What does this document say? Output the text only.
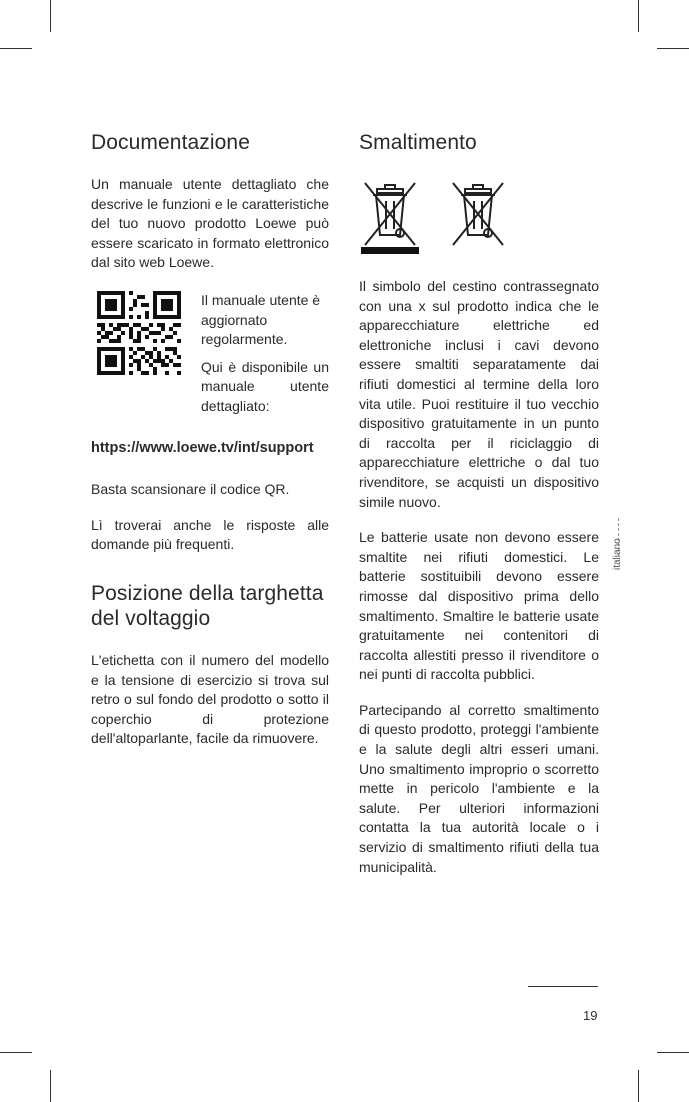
Documentazione

Un manuale utente dettagliato che descrive le funzioni e le caratteristiche del tuo nuovo prodotto Loewe può essere scaricato in formato elettronico dal sito web Loewe.

Il manuale utente è aggiornato regolarmente.

Qui è disponibile un manuale utente dettagliato:

https://www.loewe.tv/int/support

Basta scansionare il codice QR.

Lì troverai anche le risposte alle domande più frequenti.

Posizione della targhetta del voltaggio

L'etichetta con il numero del modello e la tensione di esercizio si trova sul retro o sul fondo del prodotto o sotto il coperchio di protezione dell'altoparlante, facile da rimuovere.

Smaltimento

Il simbolo del cestino contrassegnato con una x sul prodotto indica che le apparecchiature elettriche ed elettroniche inclusi i cavi devono essere smaltiti separatamente dai rifiuti domestici al termine della loro vita utile. Puoi restituire il tuo vecchio dispositivo gratuitamente in un punto di raccolta per il riciclaggio di apparecchiature elettriche o dal tuo rivenditore, se acquisti un dispositivo simile nuovo.

Le batterie usate non devono essere smaltite nei rifiuti domestici. Le batterie sostituibili devono essere rimosse dal dispositivo prima dello smaltimento. Smaltire le batterie usate gratuitamente nei contenitori di raccolta allestiti presso il rivenditore o nei punti di raccolta pubblici.

Partecipando al corretto smaltimento di questo prodotto, proteggi l'ambiente e la salute degli altri esseri umani. Uno smaltimento improprio o scorretto mette in pericolo l'ambiente e la salute. Per ulteriori informazioni contatta la tua autorità locale o i servizio di smaltimento rifiuti della tua municipalità.

italiano
19
